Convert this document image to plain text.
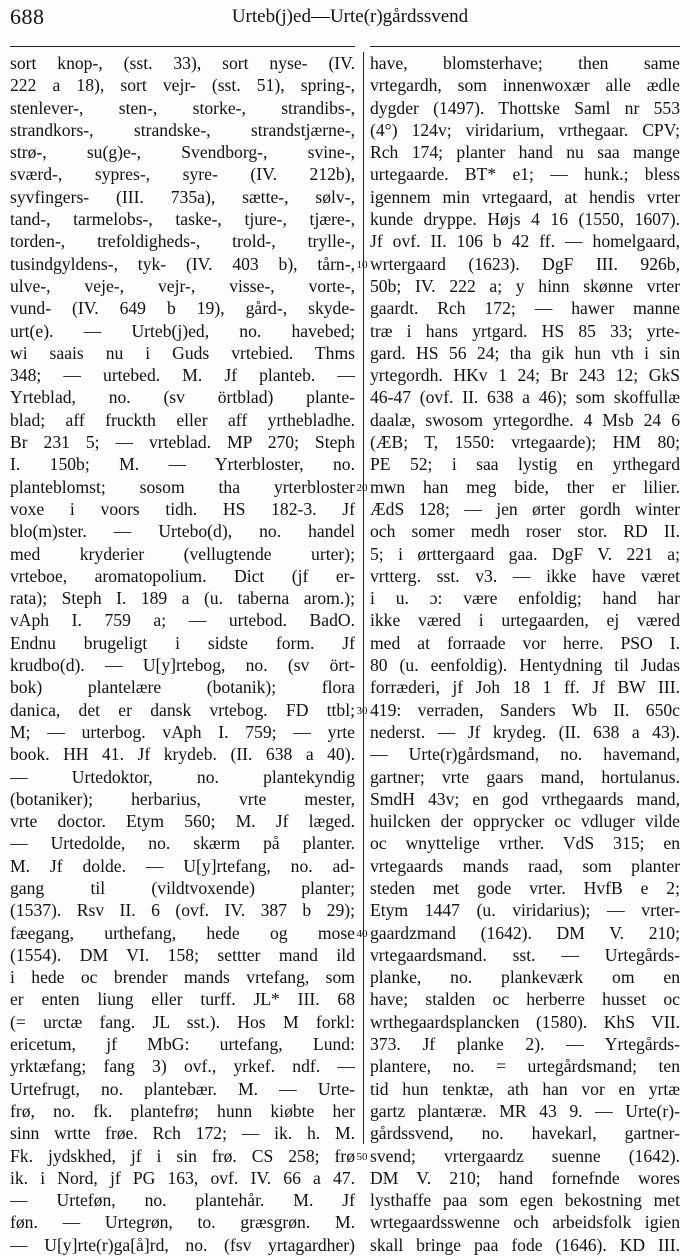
688	Urteb(j)ed—Urte(r)gårdssvend
sort knop-, (sst. 33), sort nyse- (IV.
222 a 18), sort vejr- (sst. 51), spring-,
stenlever-, sten-, storke-, strandibs-,
strandkors-, strandske-, strandstjærne-,
strø-, su(g)e-, Svendborg-, svine-,
sværd-, sypres-, syre- (IV. 212b),
syvfingers- (III. 735a), sætte-, sølv-,
tand-, tarmelobs-, taske-, tjure-, tjære-,
torden-, trefoldigheds-, trold-, trylle-,
tusindgyldens-, tyk- (IV. 403 b), tårn-,
ulve-, veje-, vejr-, visse-, vorte-,
vund- (IV. 649 b 19), gård-, skyde-
urt(e). — Urteb(j)ed, no. havebed;
wi saais nu i Guds vrtebied. Thms
348; — urtebed. M. Jf planteb. —
Yrteblad, no. (sv örtblad) plante-
blad; aff fruckth eller aff yrthebladhe.
Br 231 5; — vrteblad. MP 270; Steph
I. 150b; M. — Yrterbloster, no.
planteblomst; sosom tha yrterbloster
voxe i voors tidh. HS 182-3. Jf
blo(m)ster. — Urtebo(d), no. handel
med kryderier (vellugtende urter);
vrteboe, aromatopolium. Dict (jf er-
rata); Steph I. 189 a (u. taberna arom.);
vAph I. 759 a; — urtebod. BadO.
Endnu brugeligt i sidste form. Jf
krudbo(d). — U[y]rtebog, no. (sv ört-
bok) plantelære (botanik); flora
danica, det er dansk vrtebog. FD ttbl;
M; — urterbog. vAph I. 759; — yrte
book. HH 41. Jf krydeb. (II. 638 a 40).
— Urtedoktor, no. plantekyndig
(botaniker); herbarius, vrte mester,
vrte doctor. Etym 560; M. Jf læged.
— Urtedolde, no. skærm på planter.
M. Jf dolde. — U[y]rtefang, no. ad-
gang til (vildtvoxende) planter;
(1537). Rsv II. 6 (ovf. IV. 387 b 29);
fæegang, urthefang, hede og mose
(1554). DM VI. 158; settter mand ild
i hede oc brender mands vrtefang, som
er enten liung eller turff. JL* III. 68
(= urctæ fang. JL sst.). Hos M forkl:
ericetum, jf MbG: urtefang, Lund:
yrktæfang; fang 3) ovf., yrkef. ndf. —
Urtefrugt, no. plantebær. M. — Urte-
frø, no. fk. plantefrø; hunn kiøbte her
sinn wrtte frøe. Rch 172; — ik. h. M.
Fk. jydskhed, jf i sin frø. CS 258; frø
ik. i Nord, jf PG 163, ovf. IV. 66 a 47.
— Urteføn, no. plantehår. M. Jf
føn. — Urtegrøn, to. græsgrøn. M.
— U[y]rte(r)ga[å]rd, no. (fsv yrtagardher)
have, blomsterhave; then same
vrtegardh, som innenwoxær alle ædle
dygder (1497). Thottske Saml nr 553
(4°) 124v; viridarium, vrthegaar. CPV;
Rch 174; planter hand nu saa mange
urtegaarde. BT* e1; — hunk.; bless
igennem min vrtegaard, at hendis vrter
kunde dryppe. Højs 4 16 (1550, 1607).
Jf ovf. II. 106 b 42 ff. — homelgaard,
wrtergaard (1623). DgF III. 926b,
50b; IV. 222 a; y hinn skønne vrter
gaardt. Rch 172; — hawer manne
træ i hans yrtgard. HS 85 33; yrte-
gard. HS 56 24; tha gik hun vth i sin
yrtegordh. HKv 1 24; Br 243 12; GkS
46-47 (ovf. II. 638 a 46); som skoffullæ
daalæ, swosom yrtegordhe. 4 Msb 24 6
(ÆB; T, 1550: vrtegaarde); HM 80;
PE 52; i saa lystig en yrthegard
mwn han meg bide, ther er lilier.
ÆdS 128; — jen ørter gordh winter
och somer medh roser stor. RD II.
5; i ørttergaard gaa. DgF V. 221 a;
vrtterg. sst. v3. — ikke have været
i u. ɔ: være enfoldig; hand har
ikke væred i urtegaarden, ej væred
med at forraade vor herre. PSO I.
80 (u. eenfoldig). Hentydning til Judas
forræderi, jf Joh 18 1 ff. Jf BW III.
419: verraden, Sanders Wb II. 650c
nederst. — Jf krydeg. (II. 638 a 43).
— Urte(r)gårdsmand, no. havemand,
gartner; vrte gaars mand, hortulanus.
SmdH 43v; en god vrthegaards mand,
huilcken der opprycker oc vdluger vilde
oc wnyttelige vrther. VdS 315; en
vrtegaards mands raad, som planter
steden met gode vrter. HvfB e 2;
Etym 1447 (u. viridarius); — vrter-
gaardzmand (1642). DM V. 210;
vrtegaardsmand. sst. — Urtegårds-
planke, no. plankeværk om en
have; stalden oc herberre husset oc
wrthegaardsplancken (1580). KhS VII.
373. Jf planke 2). — Yrtegårds-
plantere, no. = urtegårdsmand; ten
tid hun tenktæ, ath han vor en yrtæ
gartz plantæræ. MR 43 9. — Urte(r)-
gårdssvend, no. havekarl, gartner-
svend; vrtergaardz suenne (1642).
DM V. 210; hand fornefnde wores
lysthaffe paa som egen bekostning met
wrtegaardsswenne och arbeidsfolk igien
skall bringe paa fode (1646). KD III.
10
20
30
40
50
